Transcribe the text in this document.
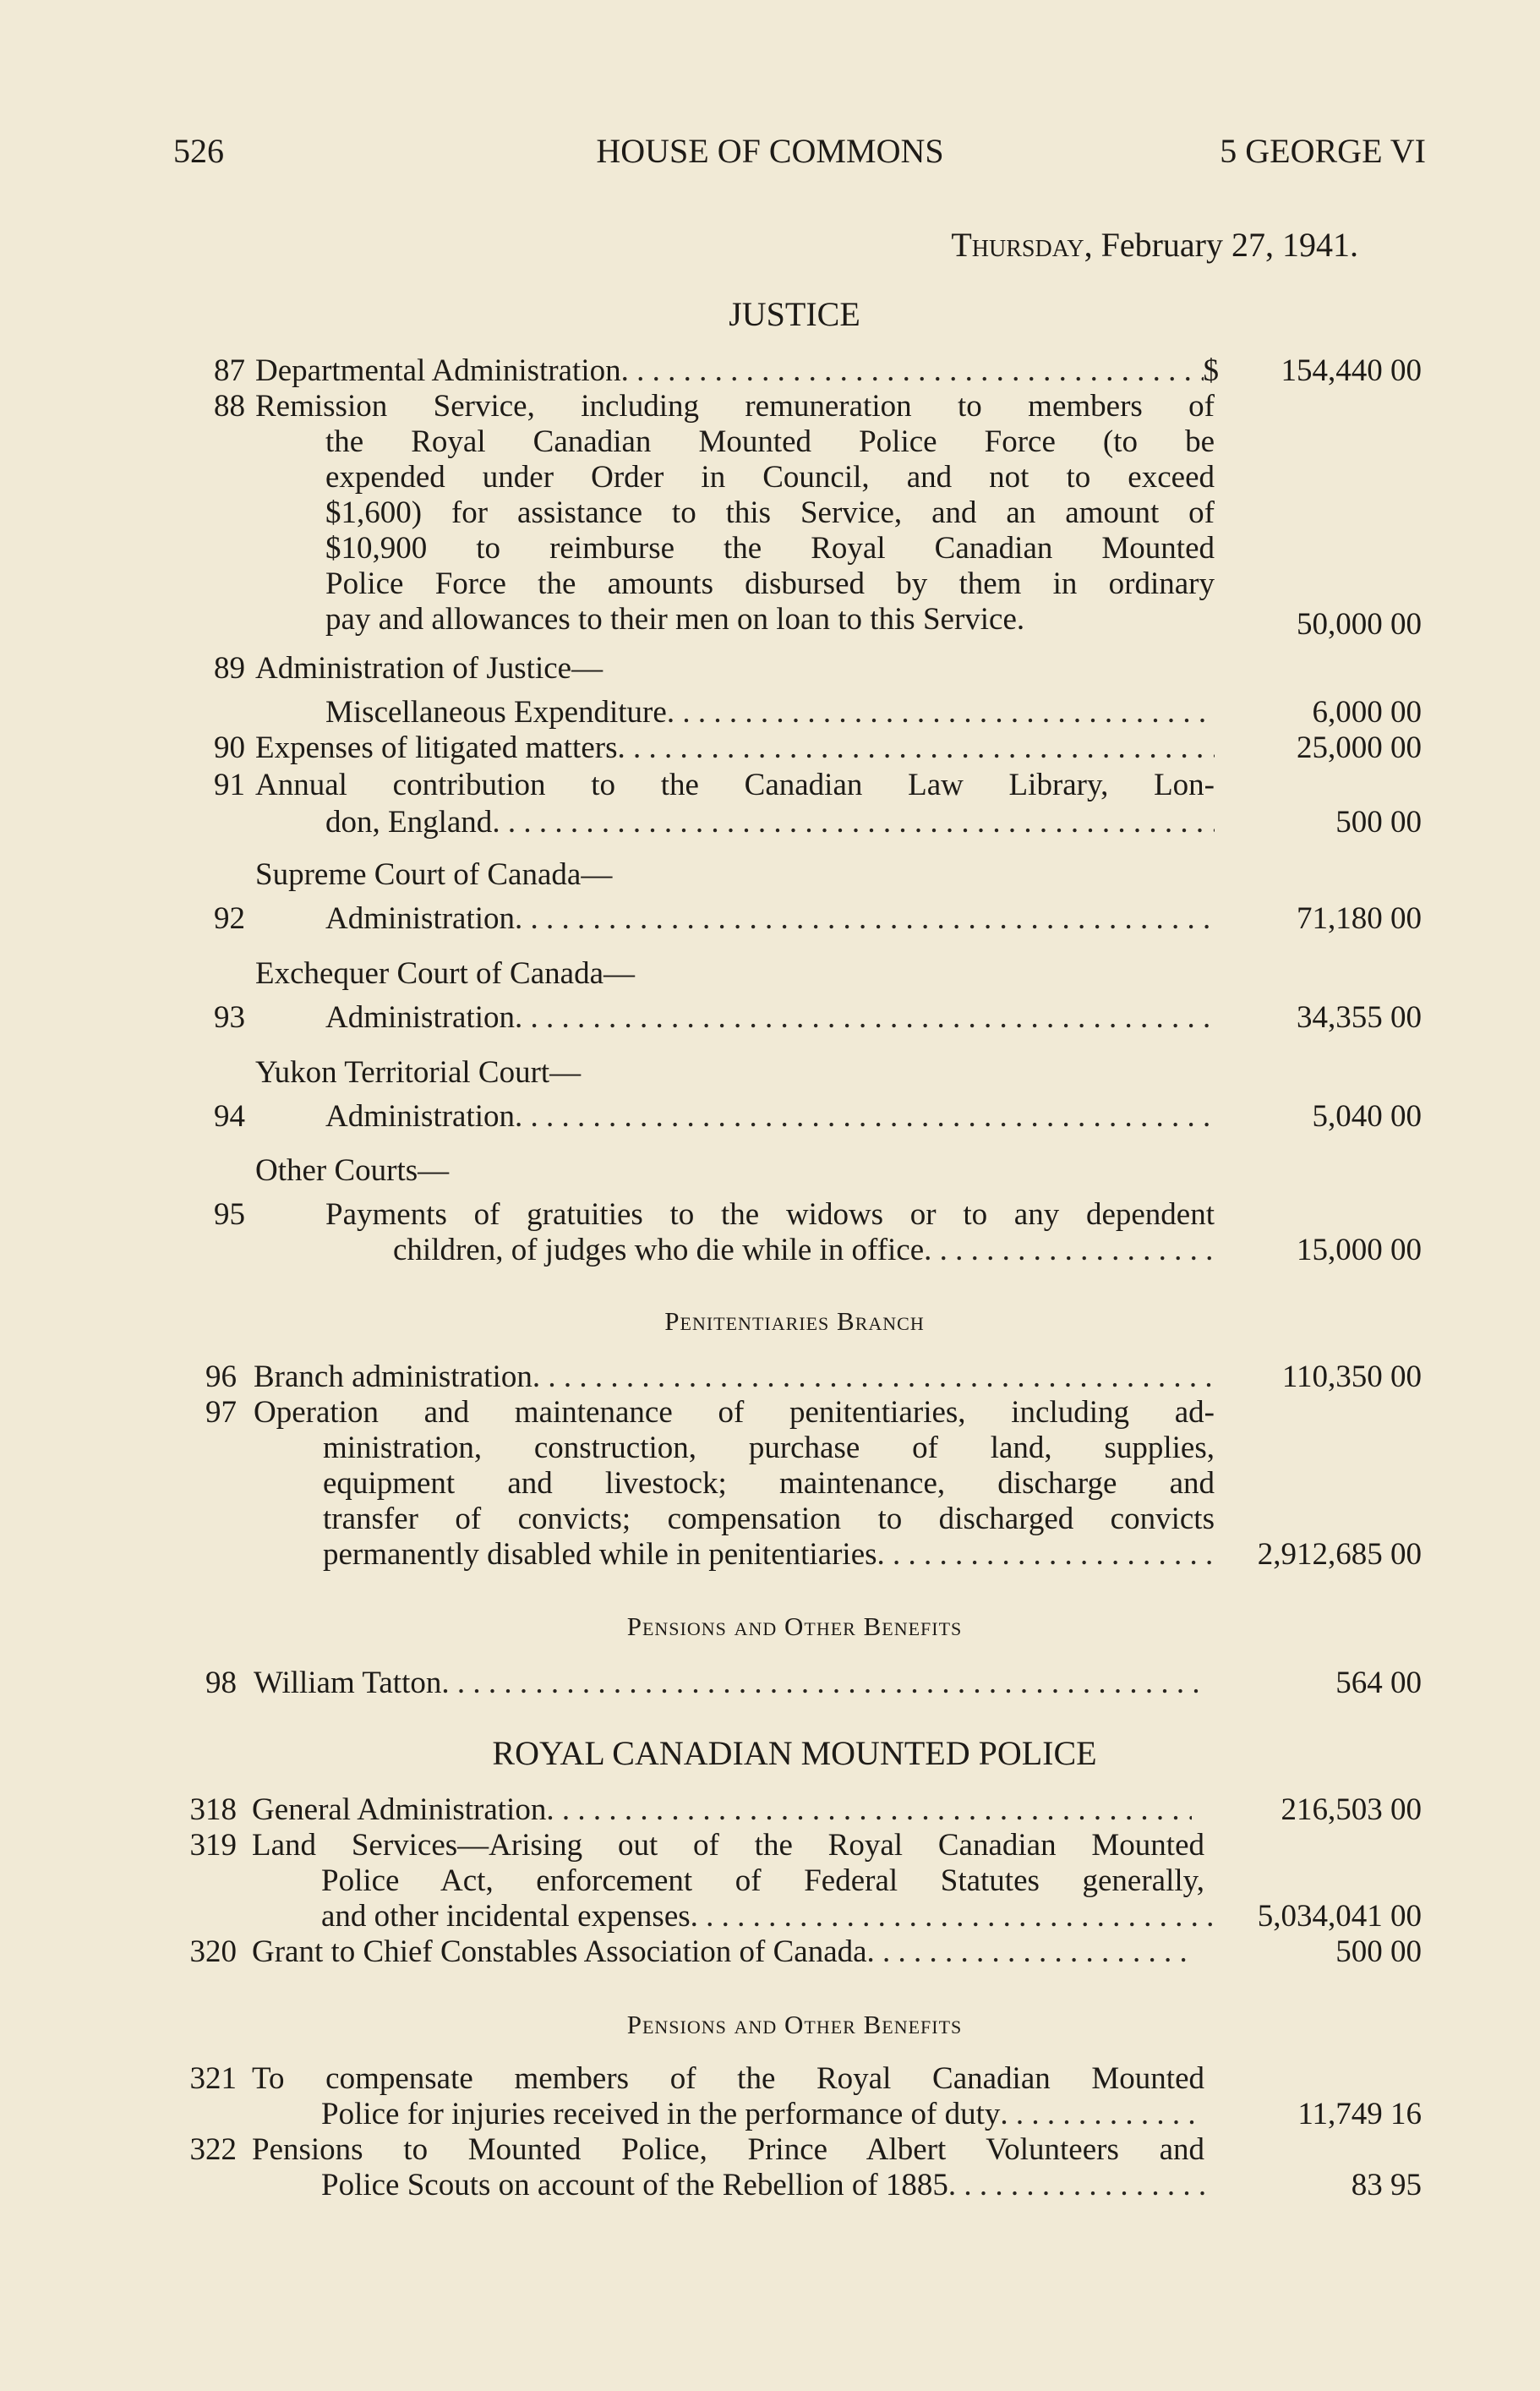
526	HOUSE OF COMMONS	5 GEORGE VI
Thursday, February 27, 1941.
JUSTICE
87 Departmental Administration . . .	$ 154,440 00
88 Remission Service, including remuneration to members of
the Royal Canadian Mounted Police Force (to be
expended under Order in Council, and not to exceed
$1,600) for assistance to this Service, and an amount of
$10,900 to reimburse the Royal Canadian Mounted
Police Force the amounts disbursed by them in ordinary
pay and allowances to their men on loan to this Service.	50,000 00
89 Administration of Justice—
Miscellaneous Expenditure . . .	6,000 00
90 Expenses of litigated matters . . .	25,000 00
91 Annual contribution to the Canadian Law Library, Lon-
don, England . . .	500 00
Supreme Court of Canada—
92	Administration . . .	71,180 00
Exchequer Court of Canada—
93	Administration . . .	34,355 00
Yukon Territorial Court—
94	Administration . . .	5,040 00
Other Courts—
95	Payments of gratuities to the widows or to any dependent
children, of judges who die while in office . . .	15,000 00
Penitentiaries Branch
96 Branch administration . . .	110,350 00
97 Operation and maintenance of penitentiaries, including ad-
ministration, construction, purchase of land, supplies,
equipment and livestock; maintenance, discharge and
transfer of convicts; compensation to discharged convicts
permanently disabled while in penitentiaries . . .	2,912,685 00
Pensions and Other Benefits
98 William Tatton . . .	564 00
ROYAL CANADIAN MOUNTED POLICE
318 General Administration . . .	216,503 00
319 Land Services—Arising out of the Royal Canadian Mounted
Police Act, enforcement of Federal Statutes generally,
and other incidental expenses . . .	5,034,041 00
320 Grant to Chief Constables Association of Canada . . .	500 00
Pensions and Other Benefits
321 To compensate members of the Royal Canadian Mounted
Police for injuries received in the performance of duty . . .	11,749 16
322 Pensions to Mounted Police, Prince Albert Volunteers and
Police Scouts on account of the Rebellion of 1885 . . .	83 95
